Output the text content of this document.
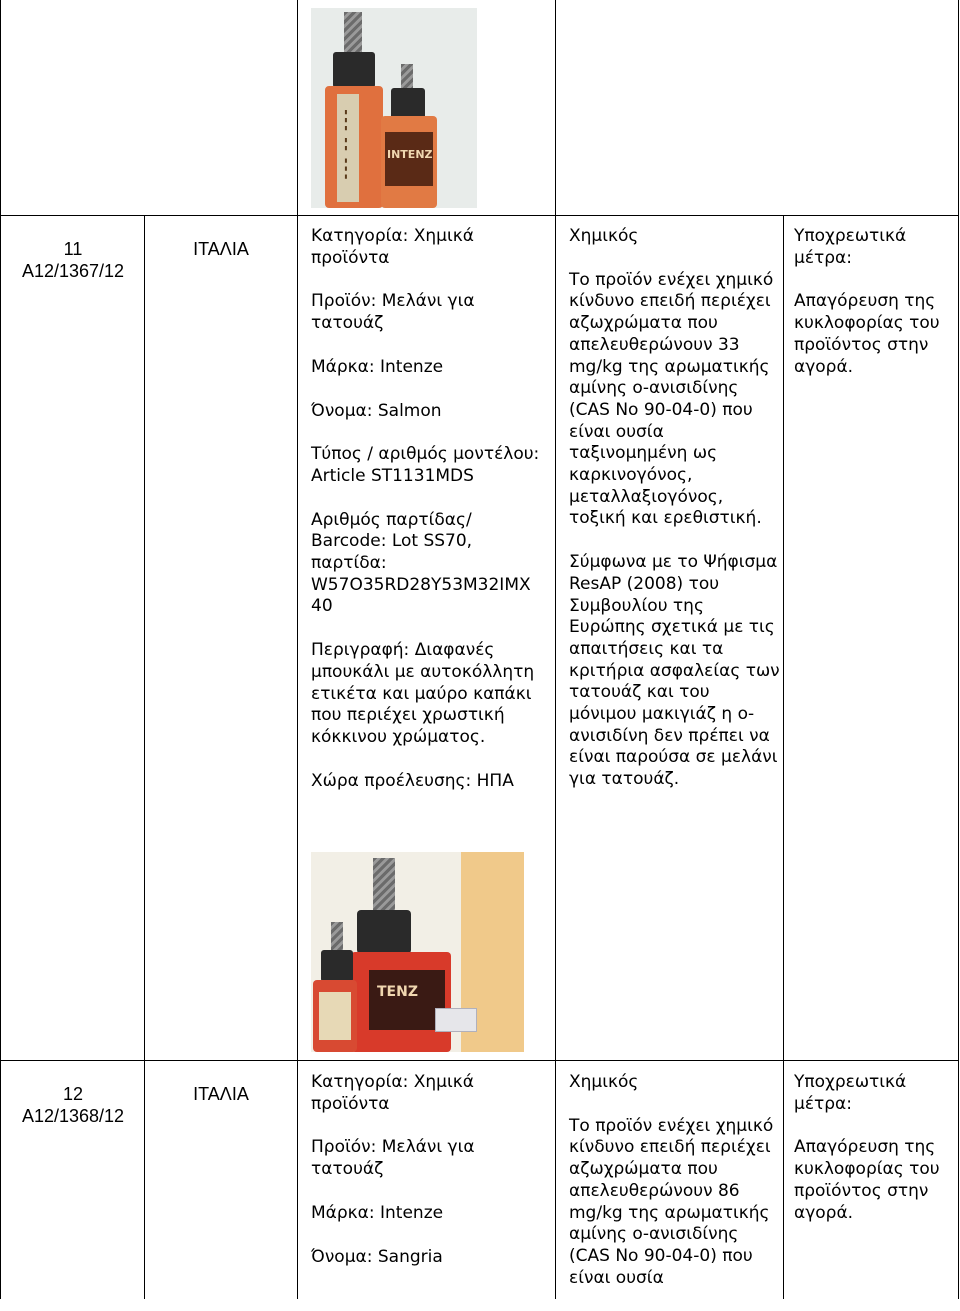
▮▮▮ ▮▮ ▮▮▮	INTENZ
11
A12/1367/12
ΙΤΑΛΙΑ

Κατηγορία: Χημικά προϊόντα

Προϊόν: Μελάνι για τατουάζ

Μάρκα: Intenze

Όνομα: Salmon

Τύπος / αριθμός μοντέλου: Article ST1131MDS

Αριθμός παρτίδας/ Barcode: Lot SS70, παρτίδα: W57O35RD28Y53M32IMX 40

Περιγραφή: Διαφανές μπουκάλι με αυτοκόλλητη ετικέτα και μαύρο καπάκι που περιέχει χρωστική κόκκινου χρώματος.

Χώρα προέλευσης: ΗΠΑ

Χημικός

Το προϊόν ενέχει χημικό κίνδυνο επειδή περιέχει αζωχρώματα που απελευθερώνουν 33 mg/kg της αρωματικής αμίνης ο-ανισιδίνης (CAS No 90-04-0) που είναι ουσία ταξινομημένη ως καρκινογόνος, μεταλλαξιογόνος, τοξική και ερεθιστική.

Σύμφωνα με το Ψήφισμα ResAP (2008) του Συμβουλίου της Ευρώπης σχετικά με τις απαιτήσεις και τα κριτήρια ασφαλείας των τατουάζ και του μόνιμου μακιγιάζ η ο-ανισιδίνη δεν πρέπει να είναι παρούσα σε μελάνι για τατουάζ.

Υποχρεωτικά μέτρα:

Απαγόρευση της κυκλοφορίας του προϊόντος στην αγορά.

TENZ
12
A12/1368/12
ΙΤΑΛΙΑ

Κατηγορία: Χημικά προϊόντα

Προϊόν: Μελάνι για τατουάζ

Μάρκα: Intenze

Όνομα: Sangria

Χημικός

Το προϊόν ενέχει χημικό κίνδυνο επειδή περιέχει αζωχρώματα που απελευθερώνουν 86 mg/kg της αρωματικής αμίνης ο-ανισιδίνης (CAS No 90-04-0) που είναι ουσία

Υποχρεωτικά μέτρα:

Απαγόρευση της κυκλοφορίας του προϊόντος στην αγορά.
